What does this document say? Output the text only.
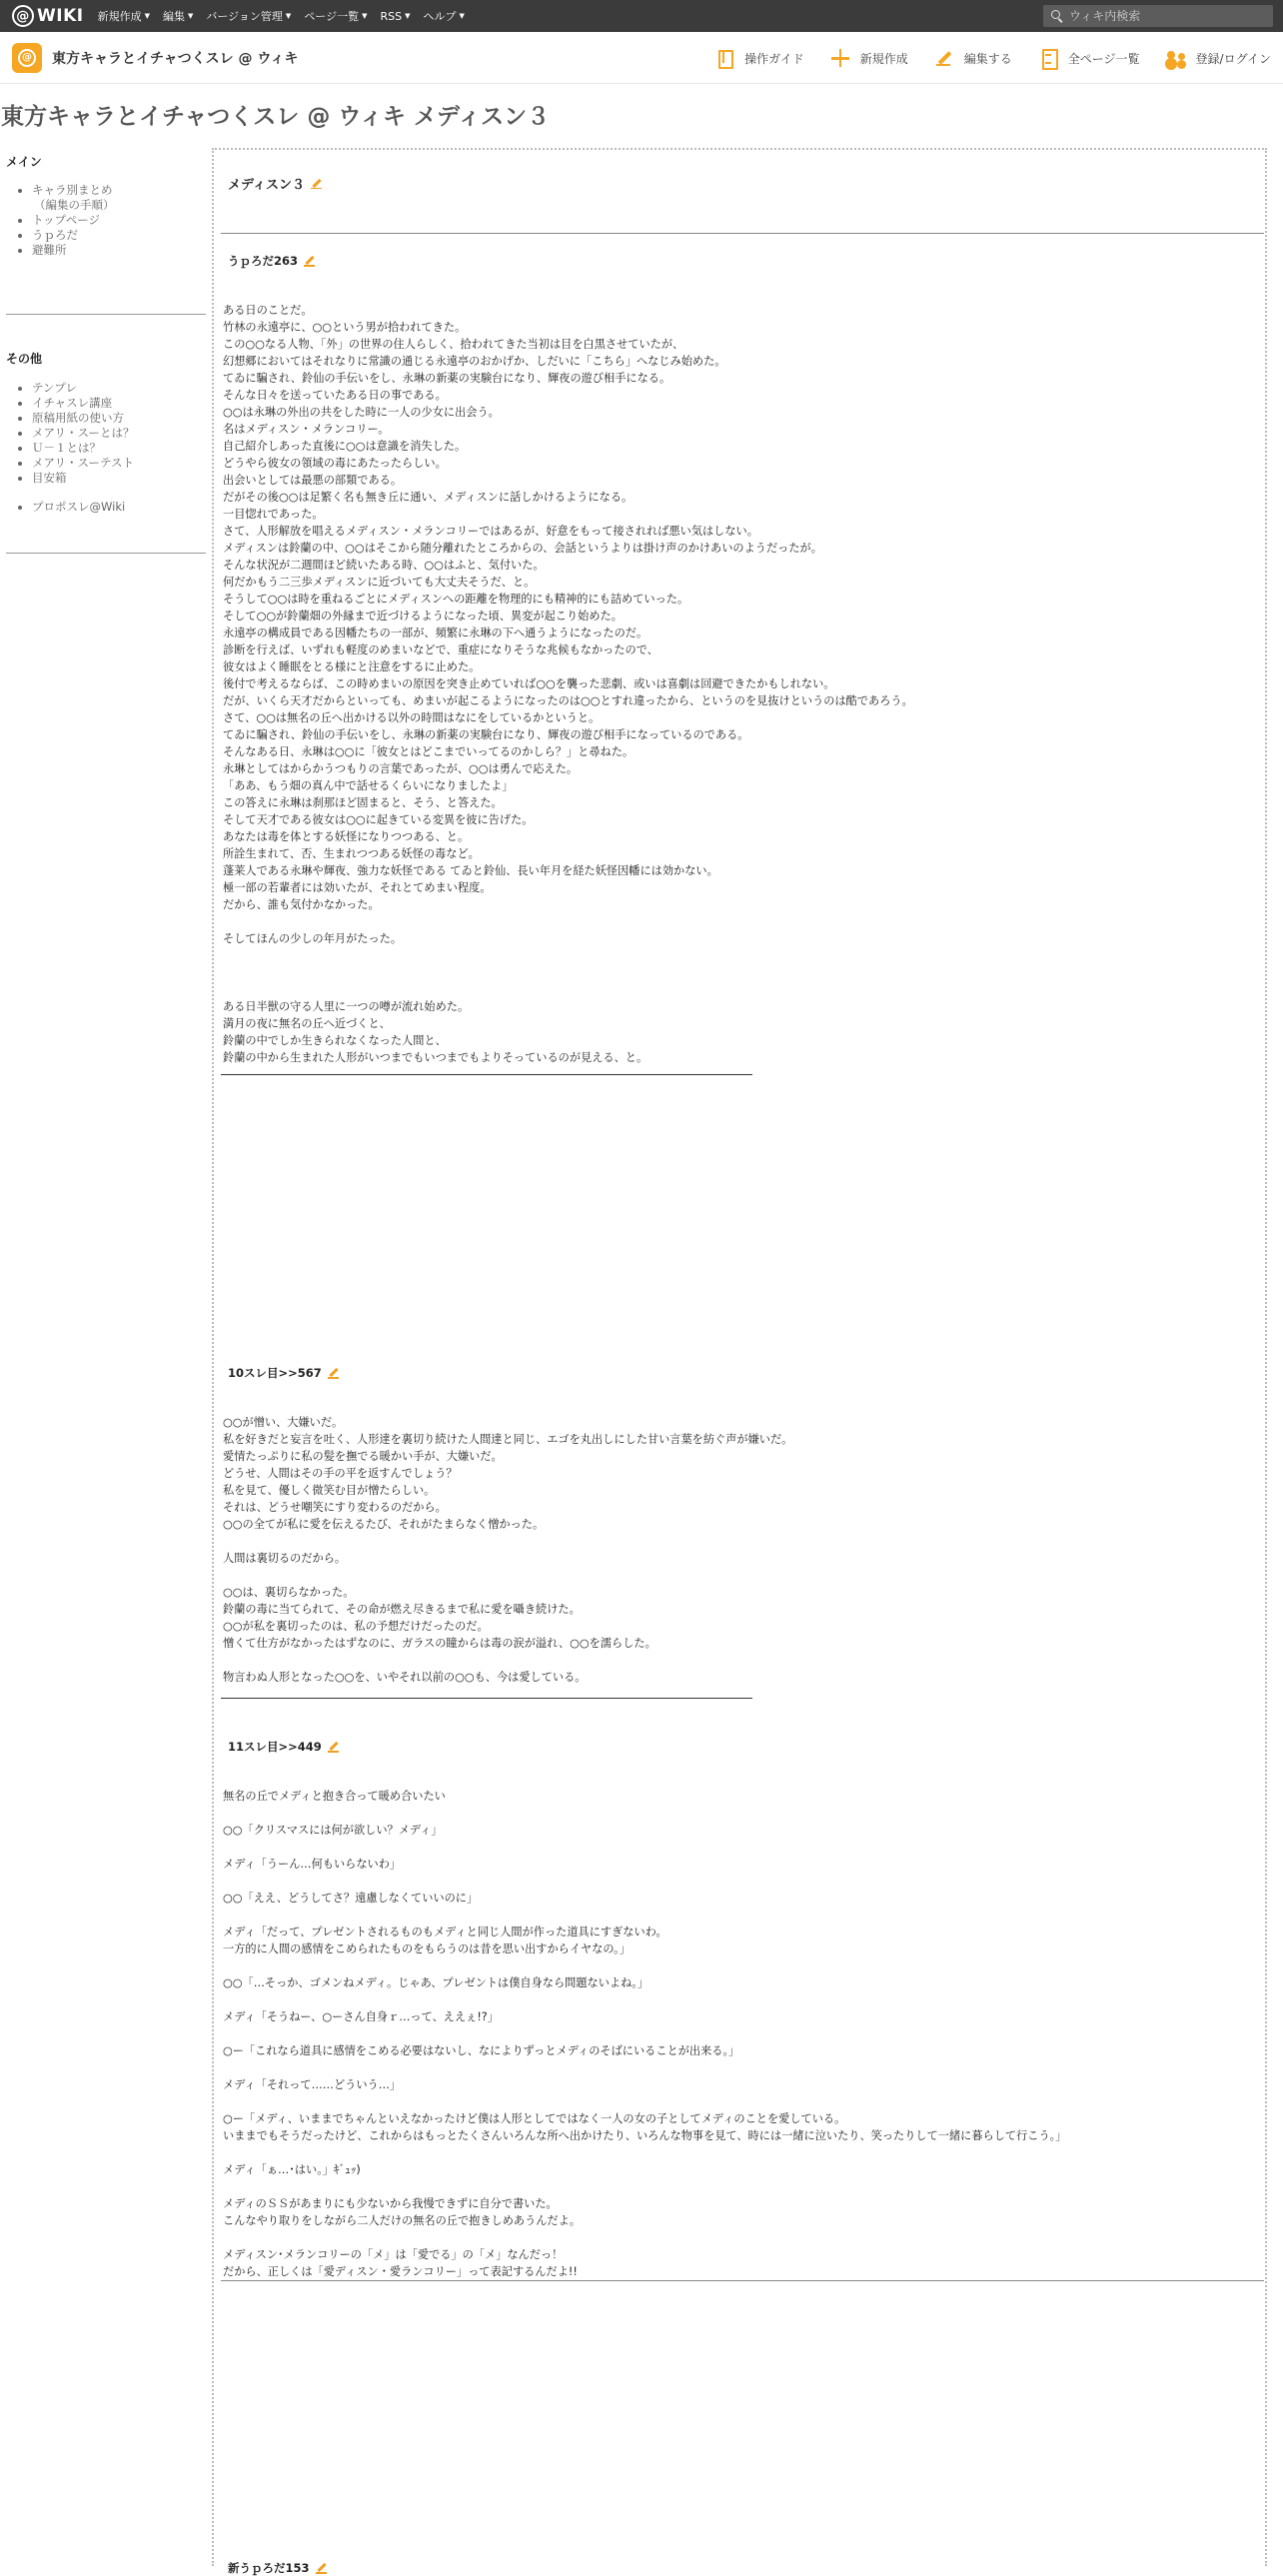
@ WIKI 新規作成 ▼ 編集 ▼ バージョン管理 ▼ ページ一覧 ▼ RSS ▼ ヘルプ ▼
ウィキ内検索
@ 東方キャラとイチャつくスレ @ ウィキ	操作ガイド	新規作成	編集する	全ページ一覧	登録/ログイン
東方キャラとイチャつくスレ @ ウィキ メディスン３
メイン
• キャラ別まとめ
（編集の手順）
• トップページ
• うｐろだ
• 避難所
その他
• テンプレ
• イチャスレ講座
• 原稿用紙の使い方
• メアリ・スーとは？
• Ｕ－１とは？
• メアリ・スーテスト
• 目安箱
• プロポスレ@Wiki
メディスン３
うｐろだ263
ある日のことだ。
竹林の永遠亭に、○○という男が拾われてきた。
この○○なる人物、「外」の世界の住人らしく、拾われてきた当初は目を白黒させていたが、
幻想郷においてはそれなりに常識の通じる永遠亭のおかげか、しだいに「こちら」へなじみ始めた。
てゐに騙され、鈴仙の手伝いをし、永琳の新薬の実験台になり、輝夜の遊び相手になる。
そんな日々を送っていたある日の事である。
○○は永琳の外出の共をした時に一人の少女に出会う。
名はメディスン・メランコリー。
自己紹介しあった直後に○○は意識を消失した。
どうやら彼女の領域の毒にあたったらしい。
出会いとしては最悪の部類である。
だがその後○○は足繁く名も無き丘に通い、メディスンに話しかけるようになる。
一目惚れであった。
さて、人形解放を唱えるメディスン・メランコリーではあるが、好意をもって接されれば悪い気はしない。
メディスンは鈴蘭の中、○○はそこから随分離れたところからの、会話というよりは掛け声のかけあいのようだったが。
そんな状況が二週間ほど続いたある時、○○はふと、気付いた。
何だかもう二三歩メディスンに近づいても大丈夫そうだ、と。
そうして○○は時を重ねるごとにメディスンへの距離を物理的にも精神的にも詰めていった。
そして○○が鈴蘭畑の外縁まで近づけるようになった頃、異変が起こり始めた。
永遠亭の構成員である因幡たちの一部が、頻繁に永琳の下へ通うようになったのだ。
診断を行えば、いずれも軽度のめまいなどで、重症になりそうな兆候もなかったので、
彼女はよく睡眠をとる様にと注意をするに止めた。
後付で考えるならば、この時めまいの原因を突き止めていれば○○を襲った悲劇、或いは喜劇は回避できたかもしれない。
だが、いくら天才だからといっても、めまいが起こるようになったのは○○とすれ違ったから、というのを見抜けというのは酷であろう。
さて、○○は無名の丘へ出かける以外の時間はなにをしているかというと。
てゐに騙され、鈴仙の手伝いをし、永琳の新薬の実験台になり、輝夜の遊び相手になっているのである。
そんなある日、永琳は○○に「彼女とはどこまでいってるのかしら？」と尋ねた。
永琳としてはからかうつもりの言葉であったが、○○は勇んで応えた。
「ああ、もう畑の真ん中で話せるくらいになりましたよ」
この答えに永琳は刹那ほど固まると、そう、と答えた。
そして天才である彼女は○○に起きている変異を彼に告げた。
あなたは毒を体とする妖怪になりつつある、と。
所詮生まれて、否、生まれつつある妖怪の毒など。
蓬莱人である永琳や輝夜、強力な妖怪である てゐと鈴仙、長い年月を経た妖怪因幡には効かない。
極一部の若輩者には効いたが、それとてめまい程度。
だから、誰も気付かなかった。
そしてほんの少しの年月がたった。
ある日半獣の守る人里に一つの噂が流れ始めた。
満月の夜に無名の丘へ近づくと、
鈴蘭の中でしか生きられなくなった人間と、
鈴蘭の中から生まれた人形がいつまでもいつまでもよりそっているのが見える、と。
10スレ目>>567
○○が憎い、大嫌いだ。
私を好きだと妄言を吐く、人形達を裏切り続けた人間達と同じ、エゴを丸出しにした甘い言葉を紡ぐ声が嫌いだ。
愛情たっぷりに私の髪を撫でる暖かい手が、大嫌いだ。
どうせ、人間はその手の平を返すんでしょう？
私を見て、優しく微笑む目が憎たらしい。
それは、どうせ嘲笑にすり変わるのだから。
○○の全てが私に愛を伝えるたび、それがたまらなく憎かった。
人間は裏切るのだから。
○○は、裏切らなかった。
鈴蘭の毒に当てられて、その命が燃え尽きるまで私に愛を囁き続けた。
○○が私を裏切ったのは、私の予想だけだったのだ。
憎くて仕方がなかったはずなのに、ガラスの瞳からは毒の涙が溢れ、○○を濡らした。
物言わぬ人形となった○○を、いやそれ以前の○○も、今は愛している。
11スレ目>>449
無名の丘でメディと抱き合って暖め合いたい
○○「クリスマスには何が欲しい？メディ」
メディ「うーん…何もいらないわ」
○○「ええ、どうしてさ？遠慮しなくていいのに」
メディ「だって、プレゼントされるものもメディと同じ人間が作った道具にすぎないわ。
一方的に人間の感情をこめられたものをもらうのは昔を思い出すからイヤなの。」
○○「…そっか、ゴメンねメディ。じゃあ、プレゼントは僕自身なら問題ないよね。」
メディ「そうねー、○ーさん自身ｒ…って、ええぇ!?」
○ー「これなら道具に感情をこめる必要はないし、なによりずっとメディのそばにいることが出来る。」
メディ「それって……どういう…」
○ー「メディ、いままでちゃんといえなかったけど僕は人形としてではなく一人の女の子としてメディのことを愛している。
いままでもそうだったけど、これからはもっとたくさんいろんな所へ出かけたり、いろんな物事を見て、時には一緒に泣いたり、笑ったりして一緒に暮らして行こう。」
メディ「ぁ…･はい。」ｷﾞｭｯ)
メディのＳＳがあまりにも少ないから我慢できずに自分で書いた。
こんなやり取りをしながら二人だけの無名の丘で抱きしめあうんだよ。
メディスン･メランコリーの「メ」は「愛でる」の「メ」なんだっ！
だから、正しくは「愛ディスン・愛ランコリー」って表記するんだよ!!
新うｐろだ153
